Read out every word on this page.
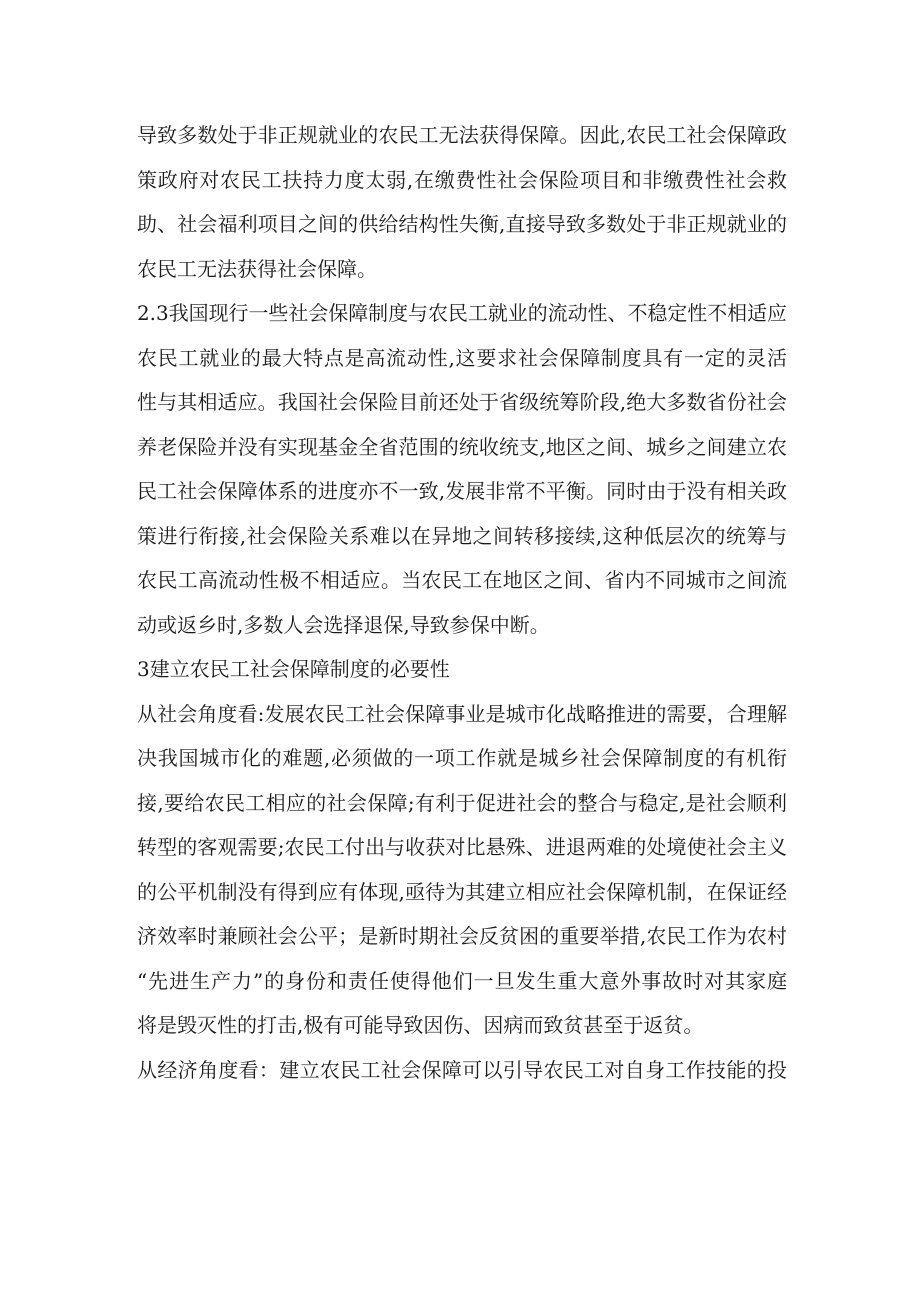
导致多数处于非正规就业的农民工无法获得保障。因此,农民工社会保障政
策政府对农民工扶持力度太弱,在缴费性社会保险项目和非缴费性社会救
助、社会福利项目之间的供给结构性失衡,直接导致多数处于非正规就业的
农民工无法获得社会保障。
2.3我国现行一些社会保障制度与农民工就业的流动性、不稳定性不相适应
农民工就业的最大特点是高流动性,这要求社会保障制度具有一定的灵活
性与其相适应。我国社会保险目前还处于省级统筹阶段,绝大多数省份社会
养老保险并没有实现基金全省范围的统收统支,地区之间、城乡之间建立农
民工社会保障体系的进度亦不一致,发展非常不平衡。同时由于没有相关政
策进行衔接,社会保险关系难以在异地之间转移接续,这种低层次的统筹与
农民工高流动性极不相适应。当农民工在地区之间、省内不同城市之间流
动或返乡时,多数人会选择退保,导致参保中断。
3建立农民工社会保障制度的必要性
从社会角度看:发展农民工社会保障事业是城市化战略推进的需要，合理解
决我国城市化的难题,必须做的一项工作就是城乡社会保障制度的有机衔
接,要给农民工相应的社会保障;有利于促进社会的整合与稳定,是社会顺利
转型的客观需要;农民工付出与收获对比悬殊、进退两难的处境使社会主义
的公平机制没有得到应有体现,亟待为其建立相应社会保障机制，在保证经
济效率时兼顾社会公平；是新时期社会反贫困的重要举措,农民工作为农村
“先进生产力”的身份和责任使得他们一旦发生重大意外事故时对其家庭
将是毁灭性的打击,极有可能导致因伤、因病而致贫甚至于返贫。
从经济角度看：建立农民工社会保障可以引导农民工对自身工作技能的投
